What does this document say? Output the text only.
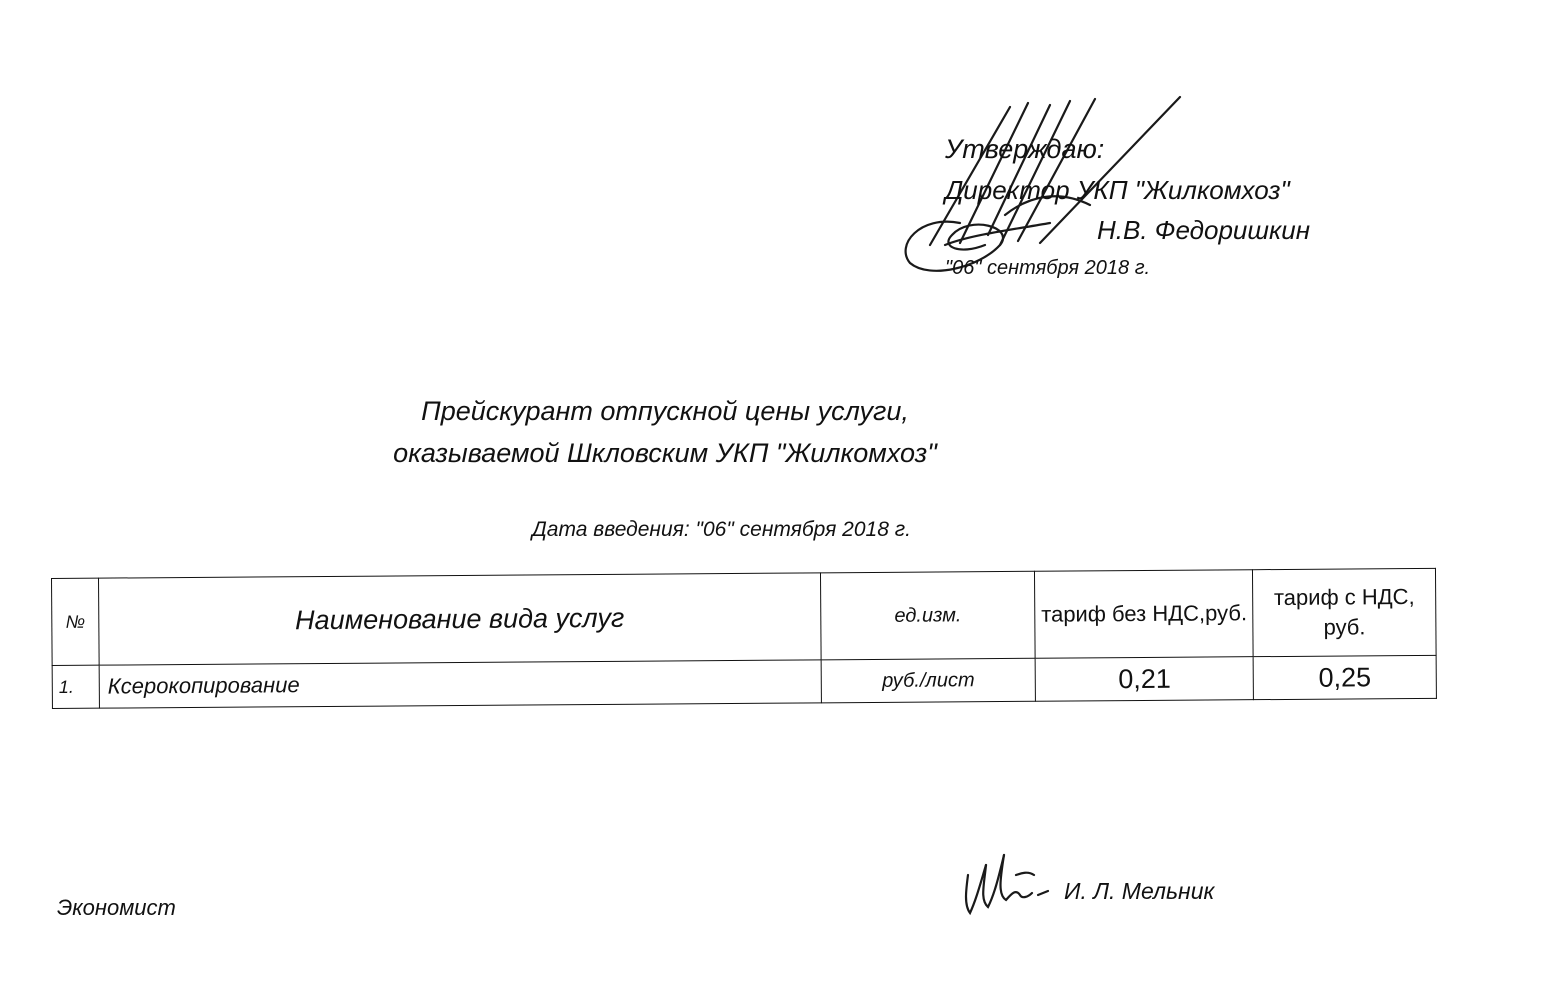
Утверждаю:
Директор УКП "Жилкомхоз"
Н.В. Федоришкин
"06" сентября 2018 г.
Прейскурант отпускной цены услуги,
оказываемой Шкловским УКП "Жилкомхоз"
Дата введения: "06" сентября 2018 г.
№	Наименование вида услуг	ед.изм.	тариф без НДС,руб.	тариф с НДС, руб.
1.	Ксерокопирование	руб./лист	0,21	0,25
Экономист
И. Л. Мельник
